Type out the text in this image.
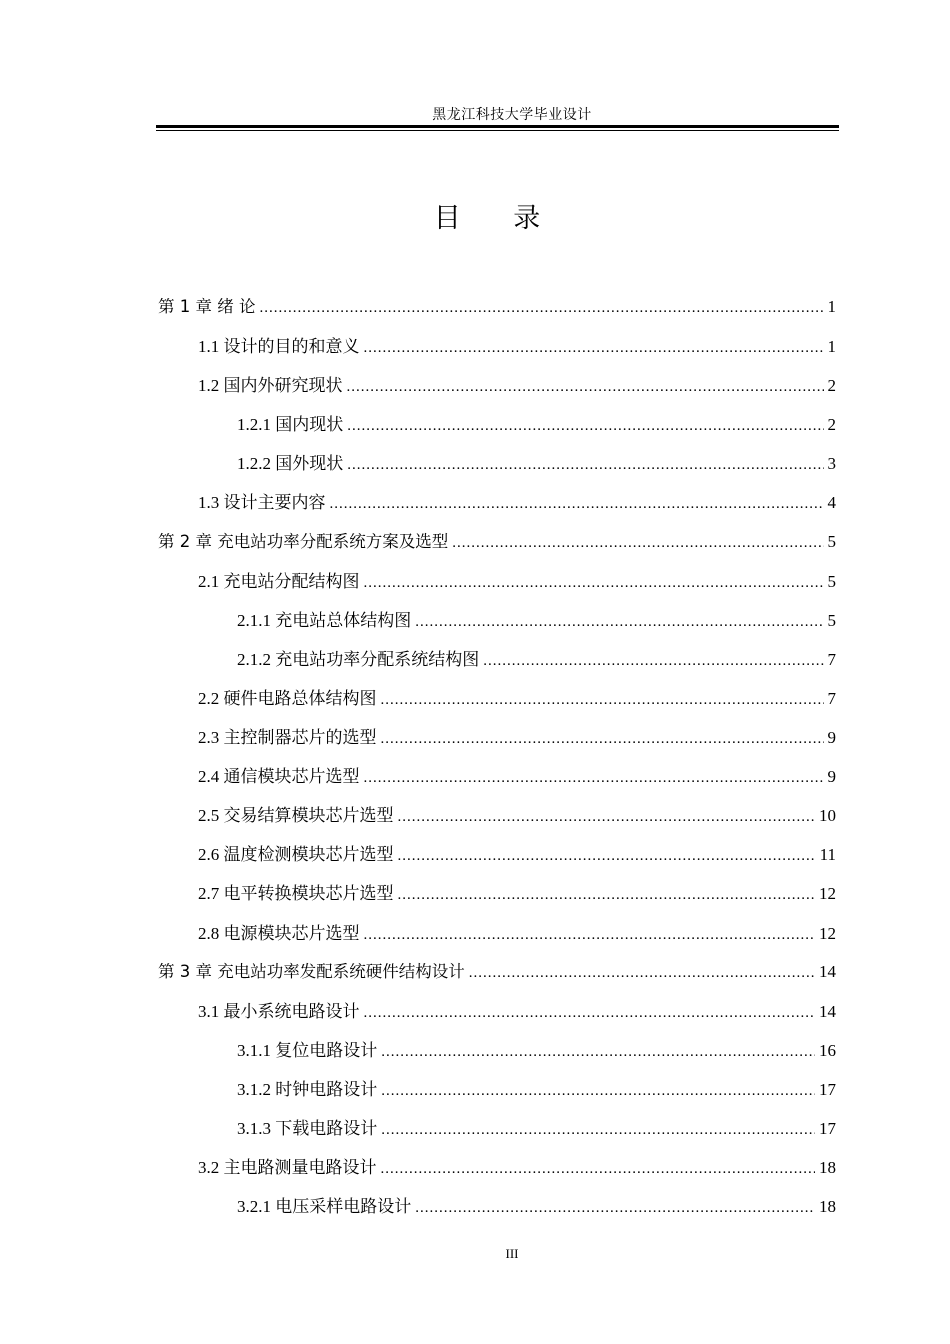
黑龙江科技大学毕业设计
目 录
第 1 章 绪 论 .....	1
1.1 设计的目的和意义 .....	1
1.2 国内外研究现状 .....	2
1.2.1 国内现状 .....	2
1.2.2 国外现状 .....	3
1.3 设计主要内容 .....	4
第 2 章 充电站功率分配系统方案及选型 .....	5
2.1 充电站分配结构图 .....	5
2.1.1 充电站总体结构图 .....	5
2.1.2 充电站功率分配系统结构图 .....	7
2.2 硬件电路总体结构图 .....	7
2.3 主控制器芯片的选型 .....	9
2.4 通信模块芯片选型 .....	9
2.5 交易结算模块芯片选型 .....	10
2.6 温度检测模块芯片选型 .....	11
2.7 电平转换模块芯片选型 .....	12
2.8 电源模块芯片选型 .....	12
第 3 章 充电站功率发配系统硬件结构设计 .....	14
3.1 最小系统电路设计 .....	14
3.1.1 复位电路设计 .....	16
3.1.2 时钟电路设计 .....	17
3.1.3 下载电路设计 .....	17
3.2 主电路测量电路设计 .....	18
3.2.1 电压采样电路设计 .....	18
III
